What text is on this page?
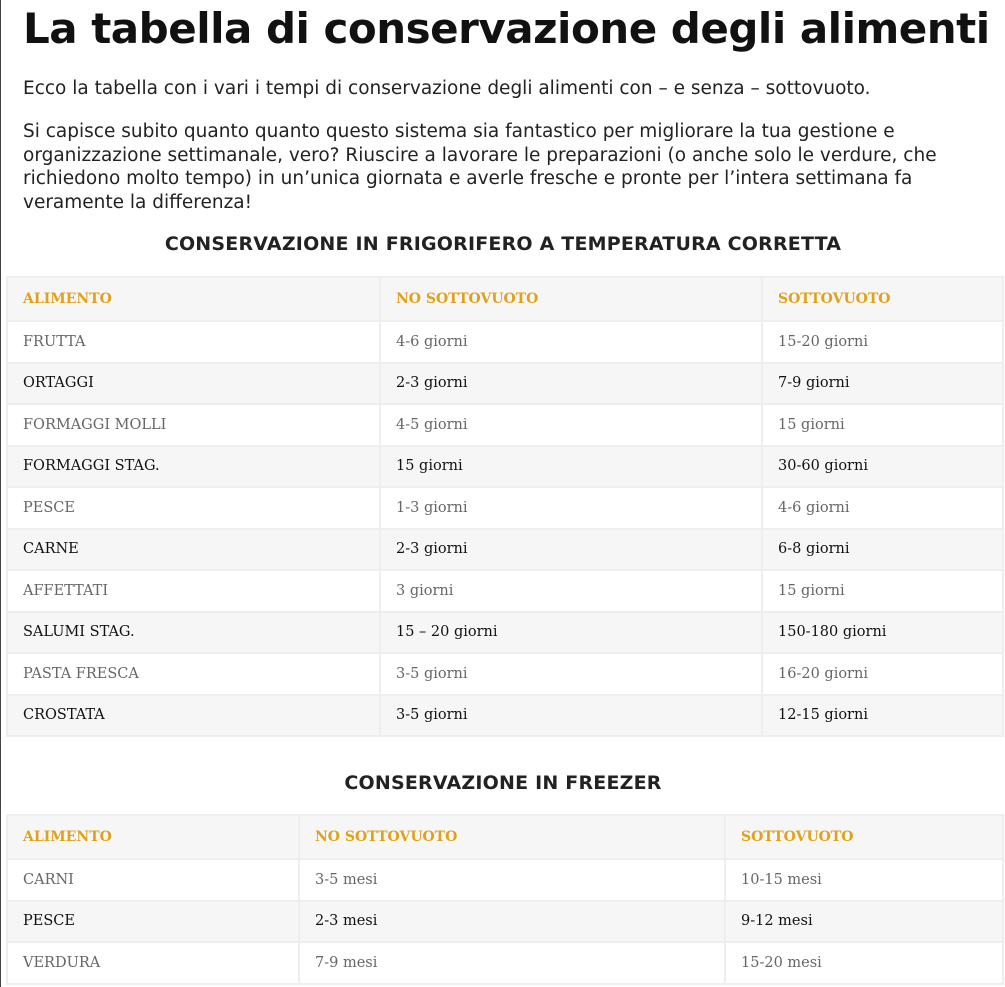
La tabella di conservazione degli alimenti

Ecco la tabella con i vari i tempi di conservazione degli alimenti con – e senza – sottovuoto.

Si capisce subito quanto quanto questo sistema sia fantastico per migliorare la tua gestione e organizzazione settimanale, vero? Riuscire a lavorare le preparazioni (o anche solo le verdure, che richiedono molto tempo) in un’unica giornata e averle fresche e pronte per l’intera settimana fa veramente la differenza!

CONSERVAZIONE IN FRIGORIFERO A TEMPERATURA CORRETTA
ALIMENTO	NO SOTTOVUOTO	SOTTOVUOTO
FRUTTA	4-6 giorni	15-20 giorni
ORTAGGI	2-3 giorni	7-9 giorni
FORMAGGI MOLLI	4-5 giorni	15 giorni
FORMAGGI STAG.	15 giorni	30-60 giorni
PESCE	1-3 giorni	4-6 giorni
CARNE	2-3 giorni	6-8 giorni
AFFETTATI	3 giorni	15 giorni
SALUMI STAG.	15 – 20 giorni	150-180 giorni
PASTA FRESCA	3-5 giorni	16-20 giorni
CROSTATA	3-5 giorni	12-15 giorni
CONSERVAZIONE IN FREEZER
ALIMENTO	NO SOTTOVUOTO	SOTTOVUOTO
CARNI	3-5 mesi	10-15 mesi
PESCE	2-3 mesi	9-12 mesi
VERDURA	7-9 mesi	15-20 mesi
